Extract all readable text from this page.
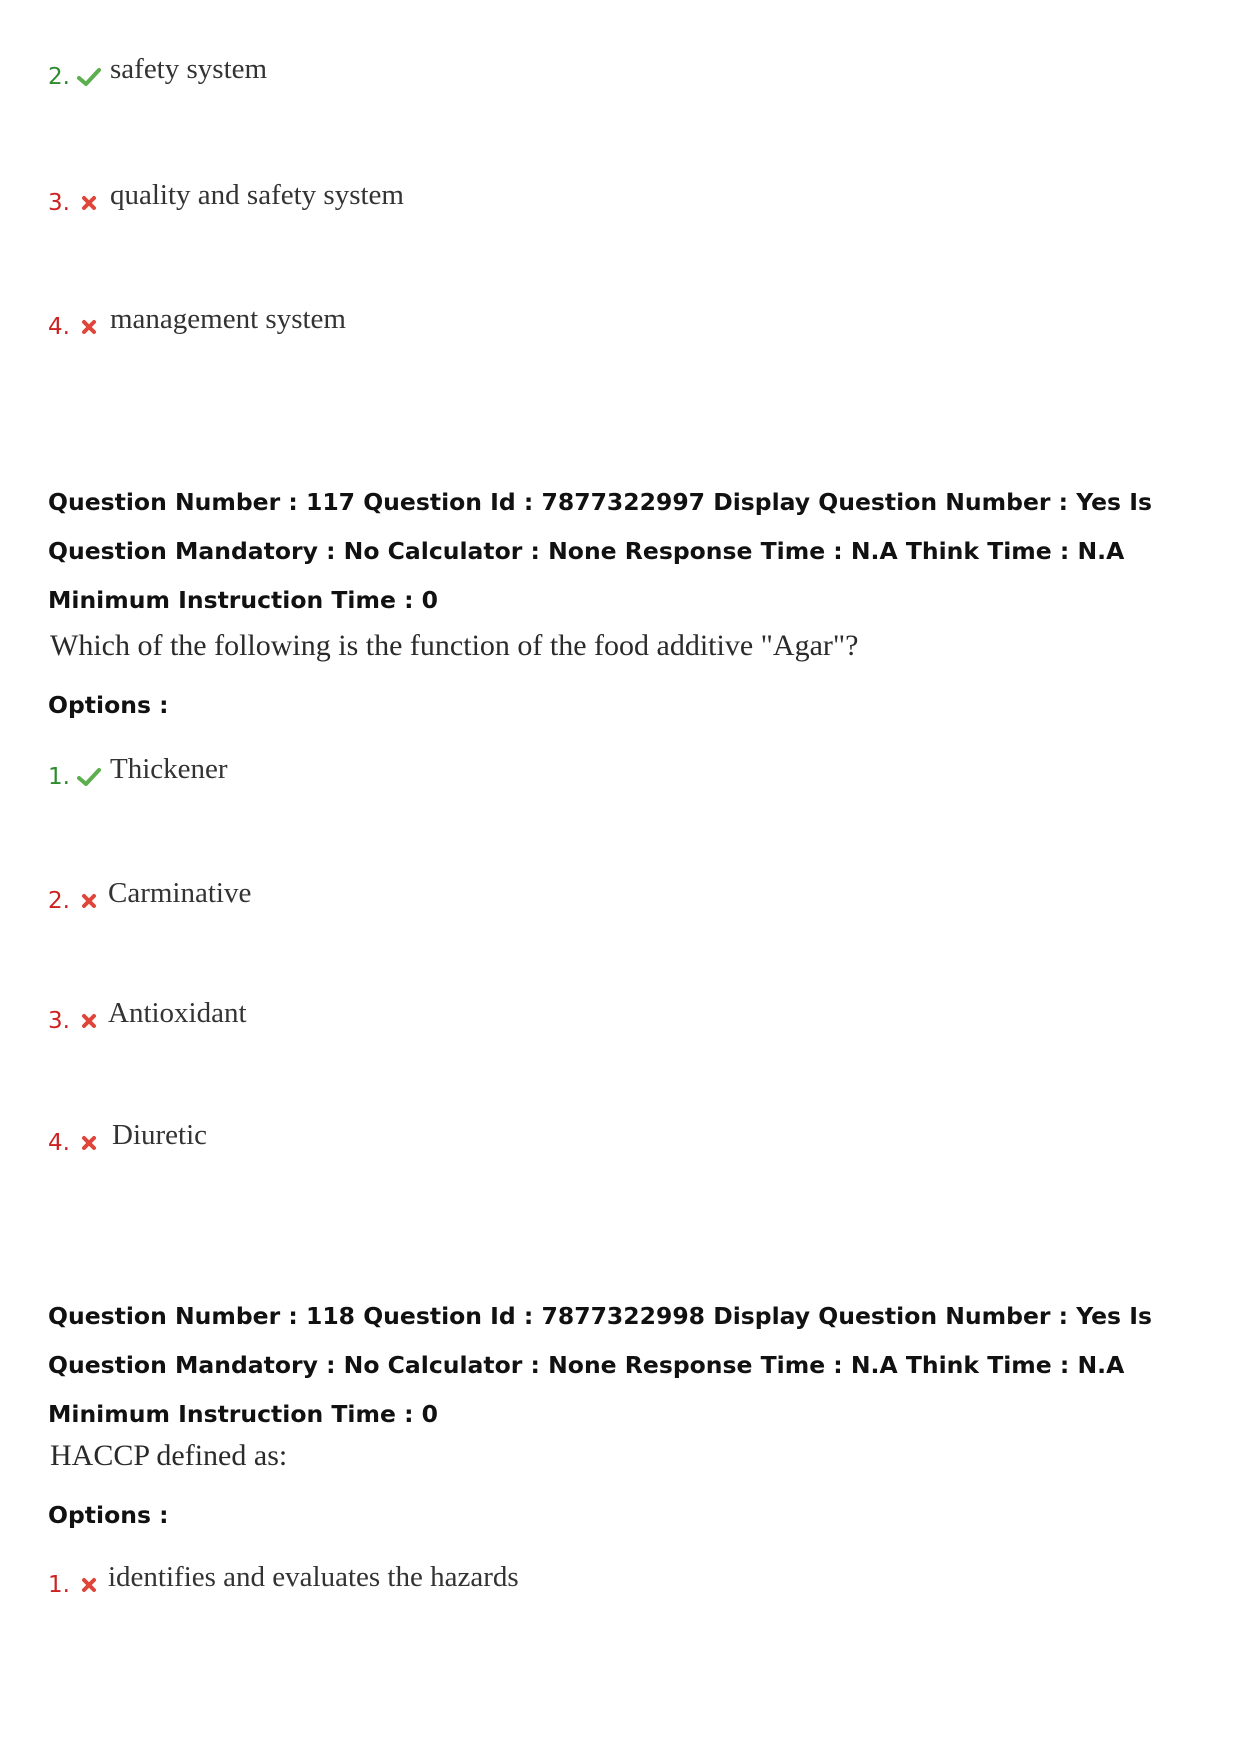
2. safety system
3. quality and safety system
4. management system
Question Number : 117 Question Id : 7877322997 Display Question Number : Yes Is Question Mandatory : No Calculator : None Response Time : N.A Think Time : N.A Minimum Instruction Time : 0
Which of the following is the function of the food additive "Agar"?
Options :
1. Thickener
2. Carminative
3. Antioxidant
4. Diuretic
Question Number : 118 Question Id : 7877322998 Display Question Number : Yes Is Question Mandatory : No Calculator : None Response Time : N.A Think Time : N.A Minimum Instruction Time : 0
HACCP defined as:
Options :
1. identifies and evaluates the hazards
